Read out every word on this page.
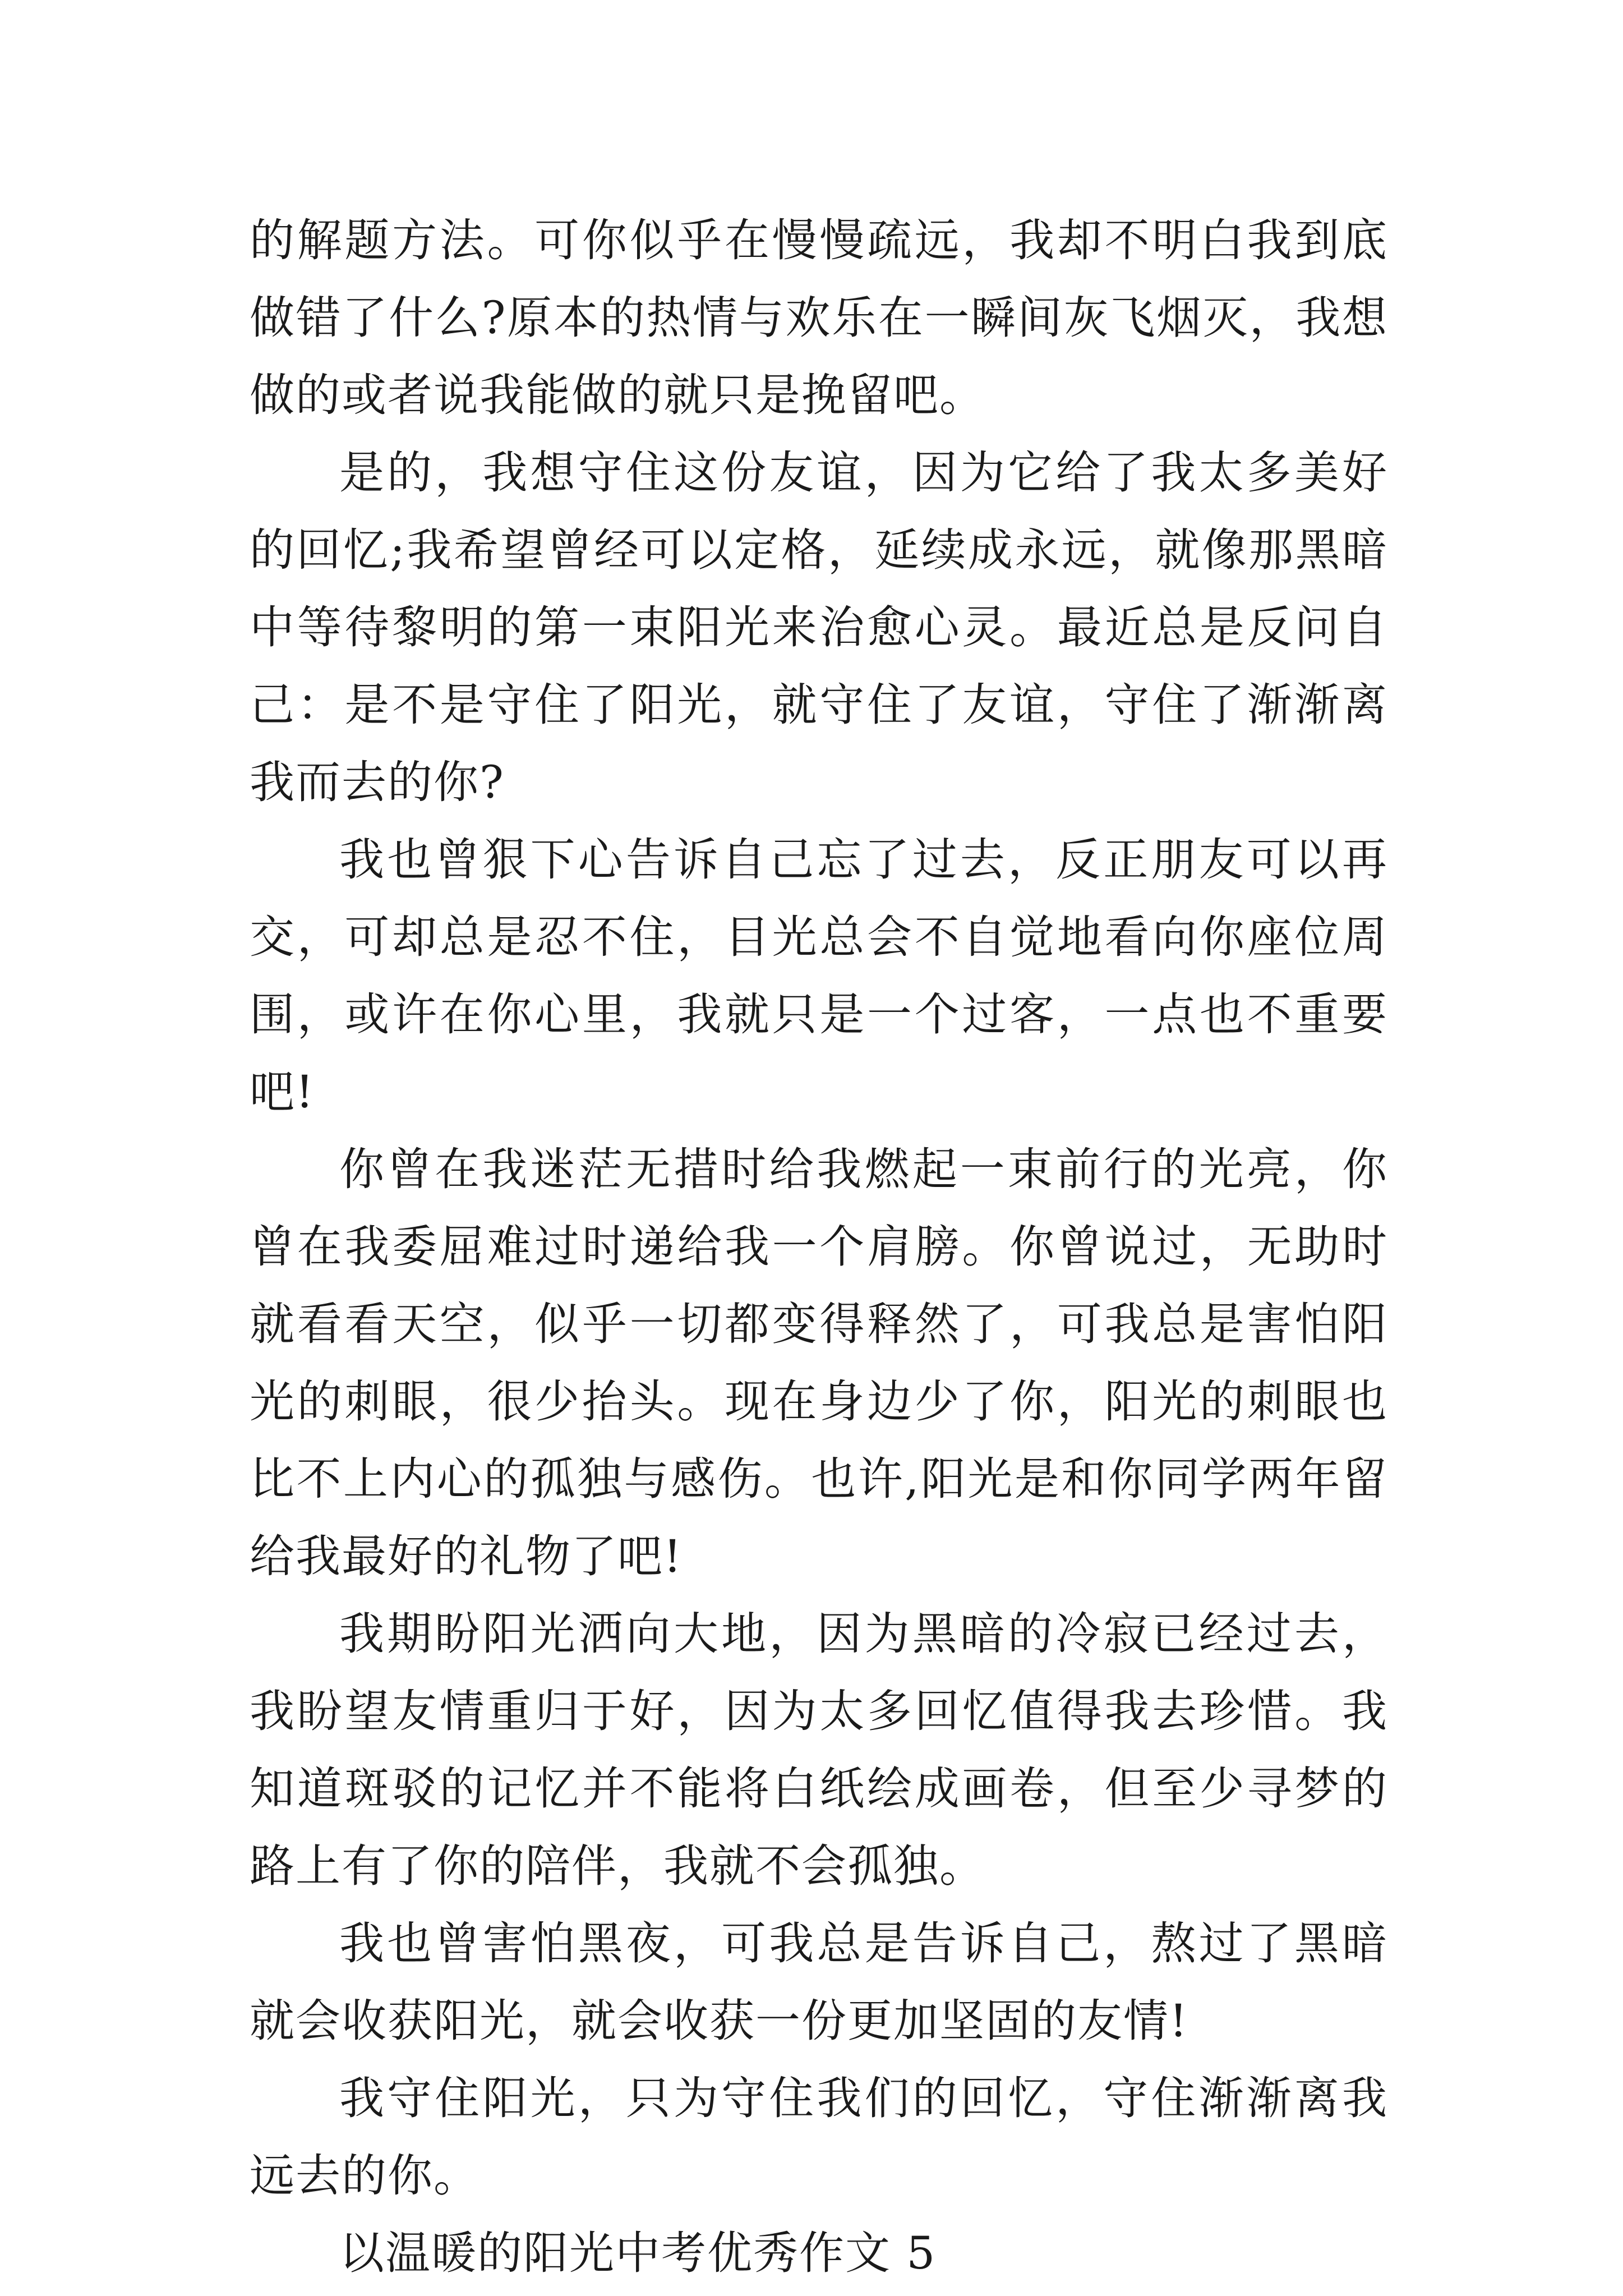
的解题方法。可你似乎在慢慢疏远，我却不明白我到底做错了什么?原本的热情与欢乐在一瞬间灰飞烟灭，我想做的或者说我能做的就只是挽留吧。

是的，我想守住这份友谊，因为它给了我太多美好的回忆;我希望曾经可以定格，延续成永远，就像那黑暗中等待黎明的第一束阳光来治愈心灵。最近总是反问自己：是不是守住了阳光，就守住了友谊，守住了渐渐离我而去的你?

我也曾狠下心告诉自己忘了过去，反正朋友可以再交，可却总是忍不住，目光总会不自觉地看向你座位周围，或许在你心里，我就只是一个过客，一点也不重要吧!

你曾在我迷茫无措时给我燃起一束前行的光亮，你曾在我委屈难过时递给我一个肩膀。你曾说过，无助时就看看天空，似乎一切都变得释然了，可我总是害怕阳光的刺眼，很少抬头。现在身边少了你，阳光的刺眼也比不上内心的孤独与感伤。也许,阳光是和你同学两年留给我最好的礼物了吧!

我期盼阳光洒向大地，因为黑暗的冷寂已经过去，我盼望友情重归于好，因为太多回忆值得我去珍惜。我知道斑驳的记忆并不能将白纸绘成画卷，但至少寻梦的路上有了你的陪伴，我就不会孤独。

我也曾害怕黑夜，可我总是告诉自己，熬过了黑暗就会收获阳光，就会收获一份更加坚固的友情!

我守住阳光，只为守住我们的回忆，守住渐渐离我远去的你。

以温暖的阳光中考优秀作文 5
